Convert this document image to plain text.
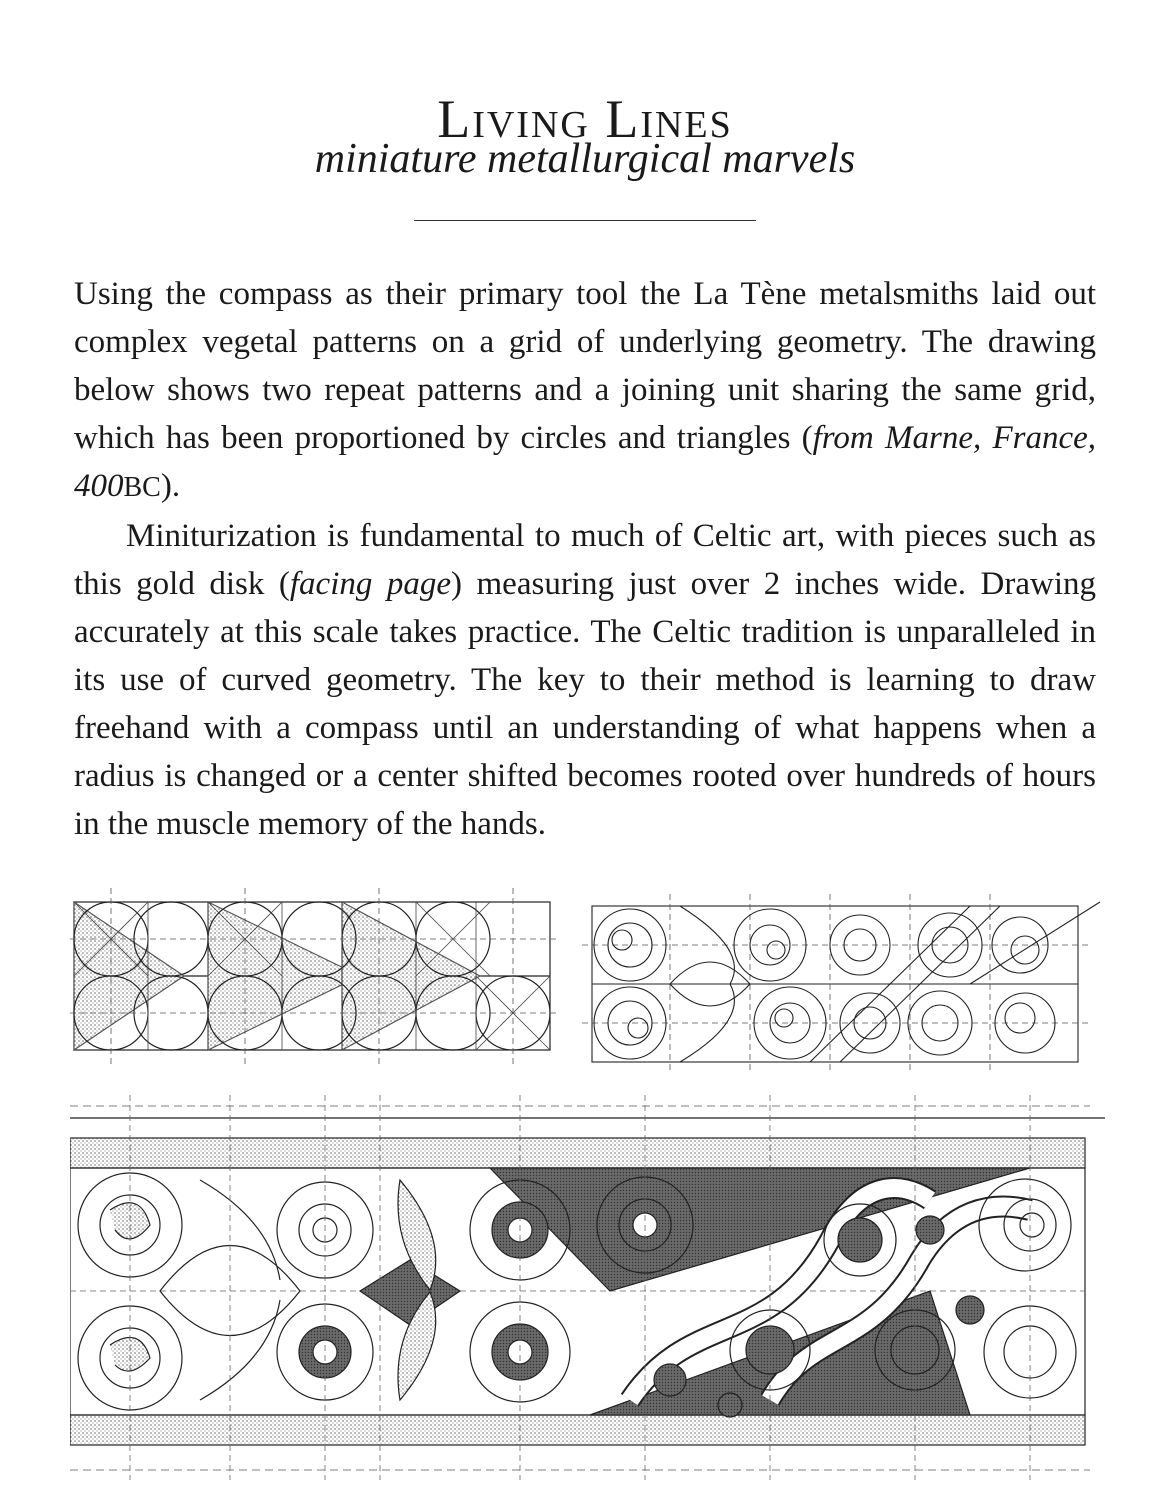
Living Lines
miniature metallurgical marvels

Using the compass as their primary tool the La Tène metalsmiths laid out complex vegetal patterns on a grid of underlying geometry. The drawing below shows two repeat patterns and a joining unit sharing the same grid, which has been proportioned by circles and triangles (from Marne, France, 400BC).

Miniturization is fundamental to much of Celtic art, with pieces such as this gold disk (facing page) measuring just over 2 inches wide. Drawing accurately at this scale takes practice. The Celtic tradition is unparalleled in its use of curved geometry. The key to their method is learning to draw freehand with a compass until an understanding of what happens when a radius is changed or a center shifted becomes rooted over hundreds of hours in the muscle memory of the hands.
